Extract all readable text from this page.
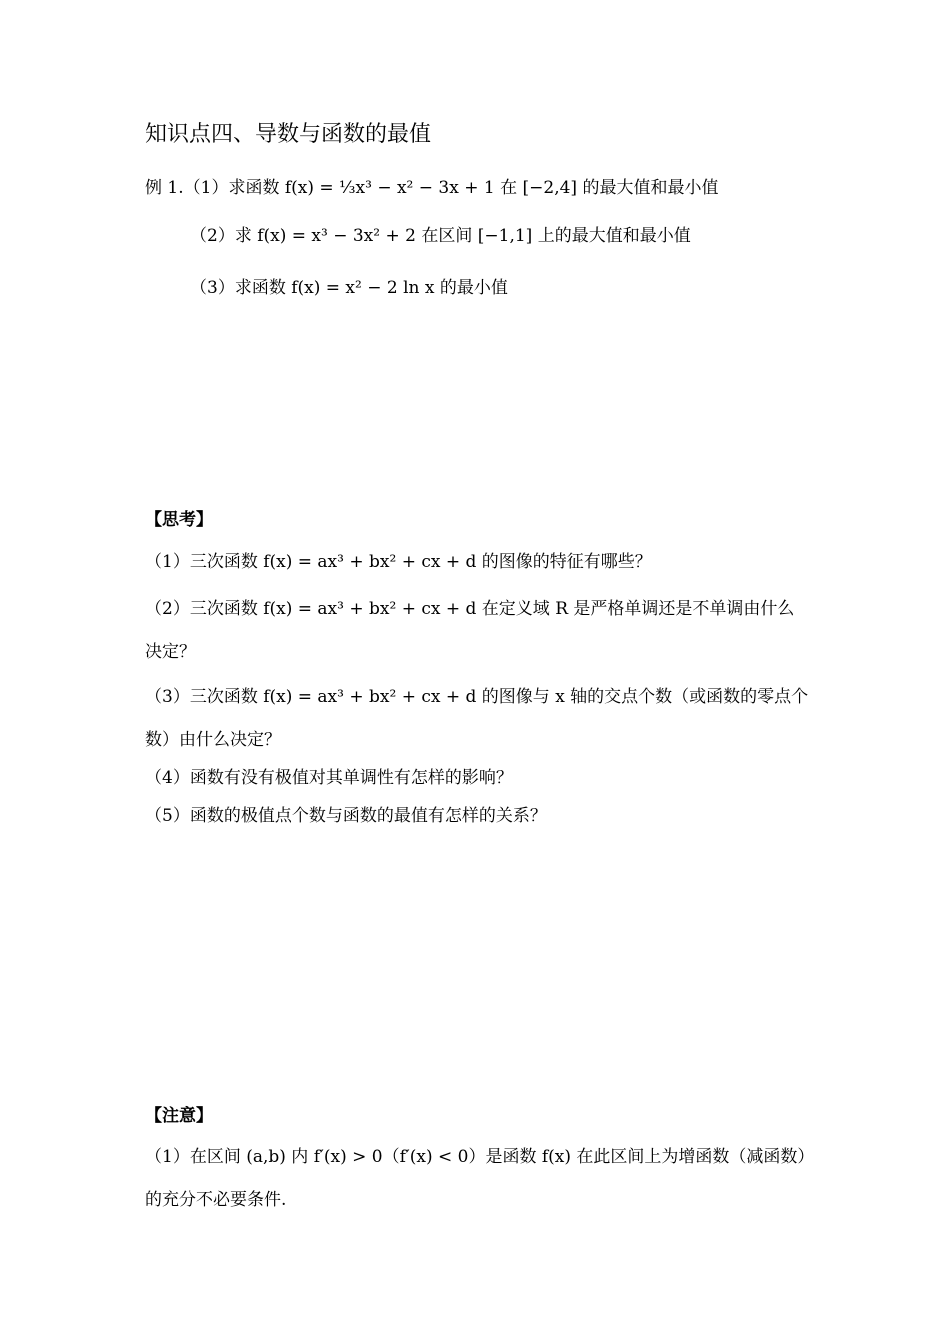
知识点四、导数与函数的最值
例 1.（1）求函数 f(x) = ⅓x³ − x² − 3x + 1 在 [−2,4] 的最大值和最小值
（2）求 f(x) = x³ − 3x² + 2 在区间 [−1,1] 上的最大值和最小值
（3）求函数 f(x) = x² − 2 ln x 的最小值
【思考】
（1）三次函数 f(x) = ax³ + bx² + cx + d 的图像的特征有哪些？
（2）三次函数 f(x) = ax³ + bx² + cx + d 在定义域 R 是严格单调还是不单调由什么决定？
（3）三次函数 f(x) = ax³ + bx² + cx + d 的图像与 x 轴的交点个数（或函数的零点个数）由什么决定？
（4）函数有没有极值对其单调性有怎样的影响？
（5）函数的极值点个数与函数的最值有怎样的关系？
【注意】
（1）在区间 (a,b) 内 f′(x) > 0（f′(x) < 0）是函数 f(x) 在此区间上为增函数（减函数）的充分不必要条件.
